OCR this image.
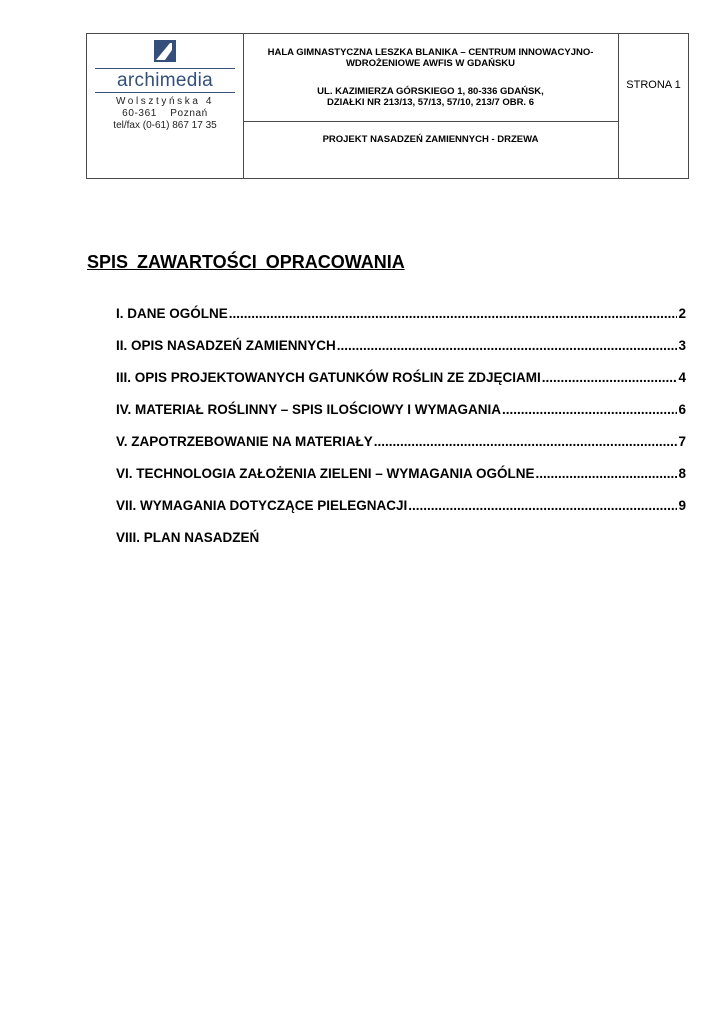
archimedia
Wolsztyńska 4
60-361 Poznań
tel/fax (0-61) 867 17 35
HALA GIMNASTYCZNA LESZKA BLANIKA – CENTRUM INNOWACYJNO-WDROŻENIOWE AWFIS W GDAŃSKU
UL. KAZIMIERZA GÓRSKIEGO 1, 80-336 GDAŃSK,
DZIAŁKI NR 213/13, 57/13, 57/10, 213/7 OBR. 6
PROJEKT NASADZEŃ ZAMIENNYCH - DRZEWA
STRONA 1
SPIS ZAWARTOŚCI OPRACOWANIA
I. DANE OGÓLNE .....	2
II. OPIS NASADZEŃ ZAMIENNYCH .....	3
III. OPIS PROJEKTOWANYCH GATUNKÓW ROŚLIN ZE ZDJĘCIAMI .....	4
IV. MATERIAŁ ROŚLINNY – SPIS ILOŚCIOWY I WYMAGANIA .....	6
V. ZAPOTRZEBOWANIE NA MATERIAŁY .....	7
VI. TECHNOLOGIA ZAŁOŻENIA ZIELENI – WYMAGANIA OGÓLNE .....	8
VII. WYMAGANIA DOTYCZĄCE PIELEGNACJI .....	9
VIII. PLAN NASADZEŃ
